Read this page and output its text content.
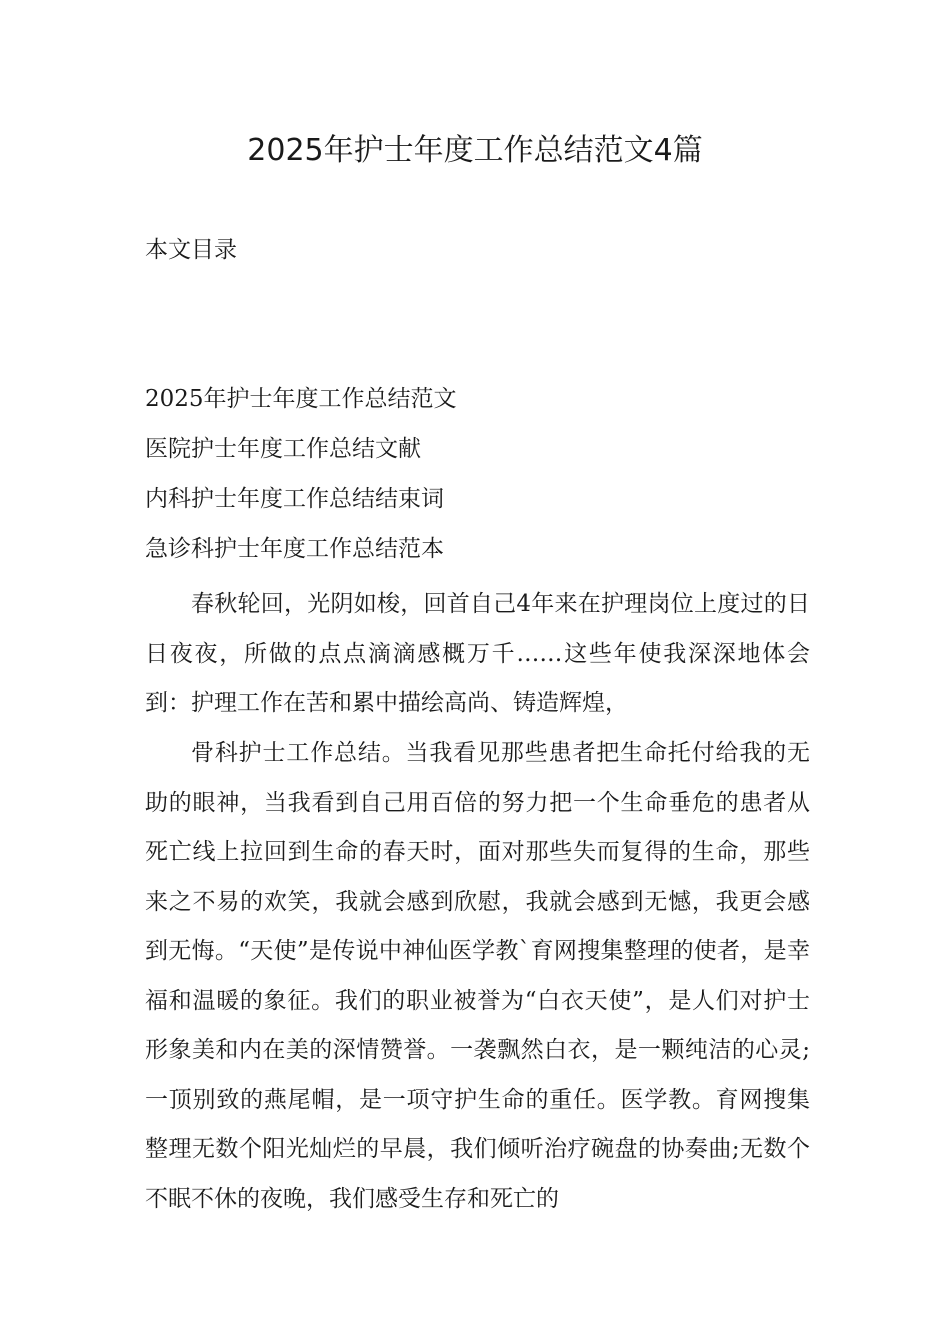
2025年护士年度工作总结范文4篇

本文目录

2025年护士年度工作总结范文
医院护士年度工作总结文献
内科护士年度工作总结结束词
急诊科护士年度工作总结范本

春秋轮回，光阴如梭，回首自己4年来在护理岗位上度过的日日夜夜，所做的点点滴滴感概万千……这些年使我深深地体会到：护理工作在苦和累中描绘高尚、铸造辉煌，

骨科护士工作总结。当我看见那些患者把生命托付给我的无助的眼神，当我看到自己用百倍的努力把一个生命垂危的患者从死亡线上拉回到生命的春天时，面对那些失而复得的生命，那些来之不易的欢笑，我就会感到欣慰，我就会感到无憾，我更会感到无悔。“天使”是传说中神仙医学教`育网搜集整理的使者，是幸福和温暖的象征。我们的职业被誉为“白衣天使”，是人们对护士形象美和内在美的深情赞誉。一袭飘然白衣，是一颗纯洁的心灵;一顶别致的燕尾帽，是一项守护生命的重任。医学教。育网搜集整理无数个阳光灿烂的早晨，我们倾听治疗碗盘的协奏曲;无数个不眠不休的夜晚，我们感受生存和死亡的
